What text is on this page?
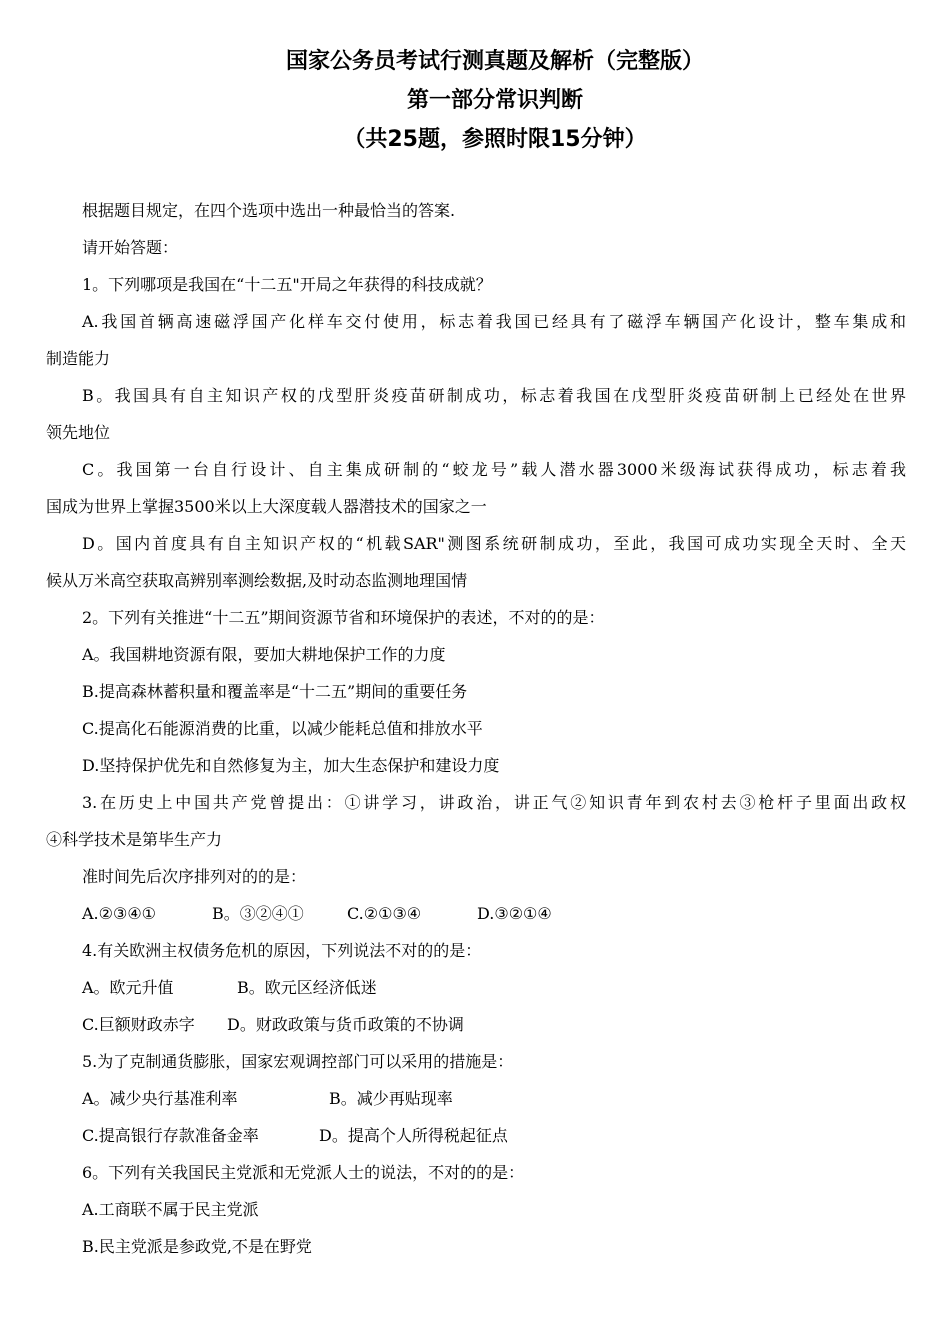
国家公务员考试行测真题及解析（完整版）
第一部分常识判断
（共25题，参照时限15分钟）
根据题目规定，在四个选项中选出一种最恰当的答案.
请开始答题：
1。下列哪项是我国在“十二五"开局之年获得的科技成就？
A.我国首辆高速磁浮国产化样车交付使用，标志着我国已经具有了磁浮车辆国产化设计，整车集成和
制造能力
B。我国具有自主知识产权的戊型肝炎疫苗研制成功，标志着我国在戊型肝炎疫苗研制上已经处在世界
领先地位
C。我国第一台自行设计、自主集成研制的“蛟龙号”载人潜水器3000米级海试获得成功，标志着我
国成为世界上掌握3500米以上大深度载人器潜技术的国家之一
D。国内首度具有自主知识产权的“机载SAR"测图系统研制成功，至此，我国可成功实现全天时、全天
候从万米高空获取高辨别率测绘数据,及时动态监测地理国情
2。下列有关推进“十二五”期间资源节省和环境保护的表述，不对的的是：
A。我国耕地资源有限，要加大耕地保护工作的力度
B.提高森林蓄积量和覆盖率是“十二五”期间的重要任务
C.提高化石能源消费的比重，以减少能耗总值和排放水平
D.坚持保护优先和自然修复为主，加大生态保护和建设力度
3.在历史上中国共产党曾提出：①讲学习，讲政治，讲正气②知识青年到农村去③枪杆子里面出政权
④科学技术是第毕生产力
准时间先后次序排列对的的是：
A.②③④①	B。③②④①	C.②①③④	D.③②①④
4.有关欧洲主权债务危机的原因，下列说法不对的的是：
A。欧元升值	B。欧元区经济低迷
C.巨额财政赤字 D。财政政策与货币政策的不协调
5.为了克制通货膨胀，国家宏观调控部门可以采用的措施是：
A。减少央行基准利率	B。减少再贴现率
C.提高银行存款准备金率	D。提高个人所得税起征点
6。下列有关我国民主党派和无党派人士的说法，不对的的是：
A.工商联不属于民主党派
B.民主党派是参政党,不是在野党
